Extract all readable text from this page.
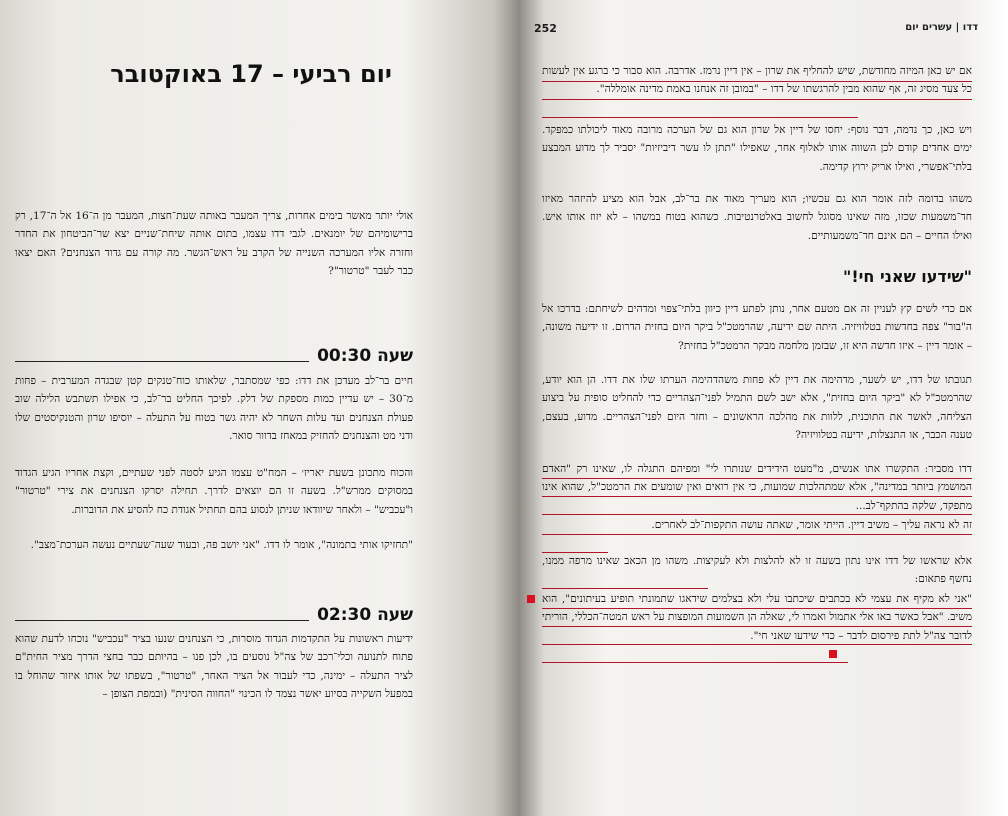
יום רביעי – 17 באוקטובר

אולי יותר מאשר בימים אחרות, צריך המעבר באותה שעת־חצות, המעבר מן ה־16 אל ה־17, רק ברישומיהם של יומנאים. לגבי דדו עצמו, בתום אותה שיחת־שניים יצא שר־הביטחון את החדר וחזרה אליו המערכה השנייה של הקרב על ראש־הגשר. מה קורה עם גדוד הצנחנים? האם יצאו כבר לעבר "טרטור"?

שעה 00:30

חיים בר־לב מעדכן את דדו: כפי שמסתבר, שלאותו כוח־טנקים קטן שבגדה המערבית – פחות מ־30 – יש עדיין כמות מספקת של דלק. לפיכך החליט בר־לב, כי אפילו תשתבש הלילה שוב פעולת הצנחנים ועד עלות השחר לא יהיה גשר בטוח על התעלה – יוסיפו שרון והטנקיסטים שלו ודני מט והצנחנים להחזיק במאחז בדוור סואר.

והכוח מתכונן בשעת יאריז׳ – המח"ט עצמו הגיע לסטה לפני שעתיים, וקצת אחריו הגיע הגדוד במסוקים ממרש"ל. בשעה זו הם יוצאים לדרך. תחילה יסרקו הצנחנים את צירי "טרטור" ו"עכביש" – ולאחר שיוודאו שניתן לנסוע בהם תחתיל אגודת כח להסיע את הדוברות.

"תחזיקו אותי בתמונה", אומר לו דדו. "אני יושב פה, ובעוד שעה־שעתיים נעשה הערכת־מצב".

שעה 02:30

ידיעות ראשונות על התקדמות הגדוד מוסרות, כי הצנחנים שנעו בציר "עכביש" נוכחו לדעת שהוא פתוח לתנועה וכלי־רכב של צה"ל נוסעים בו, לכן פנו – בהיותם כבר בחצי הדרך מציר החית"ם לציר התעלה – ימינה, כדי לעבור אל הציר האחר, "טרטור", בשפתו של אותו איזור שהוחל בו במפעל השקייה בסיוע יאשר נצמד לו הכינוי "החווה הסינית" (ובמפת הצופן –

דדו | עשרים יום
252

אם יש כאן המיזה מחודשת, שיש להחליף את שרון – אין דיין נרמז. אדרבה. הוא סבור כי ברגע אין לעשות כל צעד מסיג זה, אף שהוא מבין להרגשתו של דדו – "במובן זה אנחנו באמת מדינה אומללה".

ויש כאן, כך נדמה, דבר נוסף: יחסו של דיין אל שרון הוא גם של הערכה מרובה מאוד ליכולתו כמפקד. ימים אחדים קודם לכן השווה אותו לאלוף אחר, שאפילו "תתן לו עשר דיביזיות" יסביר לך מדוע המבצע בלתי־אפשרי, ואילו אריק ירוץ קדימה.

משהו בדומה לזה אומר הוא גם עכשיו; הוא מעריך מאוד את בר־לב, אבל הוא מציע להיזהר מאיזו חד־משמעות שכזו, מזה שאינו מסוגל לחשוב באלטרנטיבות. כשהוא בטוח במשהו – לא יזוז אותו איש. ואילו החיים – הם אינם חד־משמעותיים.

"שידעו שאני חי!"

אם כדי לשים קץ לעניין זה אם מטעם אחר, נותן לפתע דיין כיוון בלתי־צפוי ומדהים לשיחתם: בדרכו אל ה"בור" צפה בחדשות בטלוויזיה. היתה שם ידיעה, שהרמטכ"ל ביקר היום בחזית הדרום. זו ידיעה משונה, – אומר דיין – איזו חדשה היא זו, שבזמן מלחמה מבקר הרמטכ"ל בחזית?

תגובתו של דדו, יש לשער, מדהימה את דיין לא פחות משהדהימה הערתו שלו את דדו. הן הוא יודע, שהרמטכ"ל לא "ביקר היום בחזית", אלא ישב לשם התמיל לפני־הצהריים כדי להחליט סופית על ביצוע הצליחה, לאשר את התוכנית, ללוות את מהלכה הראשונים – וחזר היום לפני־הצהריים. מדוע, בעצם, טענה הכבר, או התנצלות, ידיעה בטלוויזיה?

דדו מסביר: התקשרו אתו אנשים, מ"מעט הידידים שנותרו לי" ומפיהם התגלה לו, שאינו רק "האדם המושמץ ביותר במדינה", אלא שמתהלכות שמועות, כי אין רואים ואין שומעים את הרמטכ"ל, שהוא אינו מתפקד, שלקה בהתקף־לב...

זה לא נראה עליך – משיב דיין. הייתי אומר, שאתה עושה התקפות־לב לאחרים.

אלא שראשו של דדו אינו נתון בשעה זו לא להלצות ולא לעקיצות. משהו מן הכאב שאינו מרפה ממנו, נחשף פתאום:

"אני לא מקיף את עצמי לא בכתבים שיכתבו עלי ולא בצלמים שידאגו שתמונתי תופיע בעיתונים", הוא משיב. "אבל כאשר באו אלי אתמול ואמרו לי, שאלה הן השמועות המופצות על ראש המטה־הכללי, הוריתי לדובר צה"ל לתת פירסום לדבר – כדי שידעו שאני חי".
